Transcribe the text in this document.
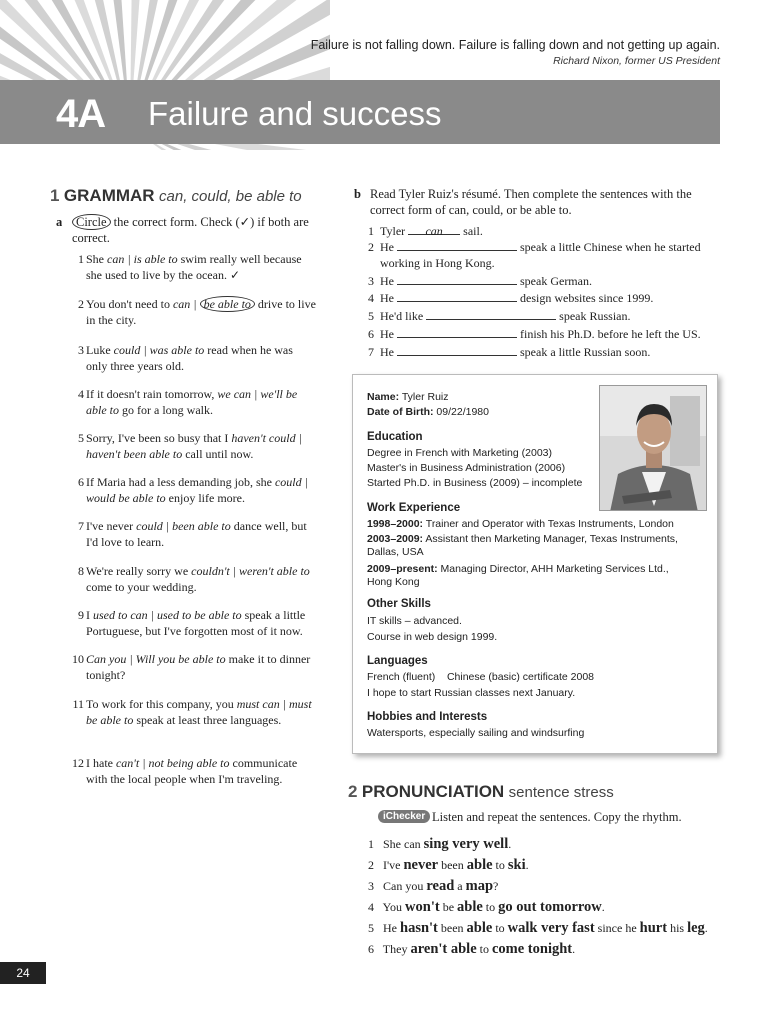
Failure is not falling down. Failure is falling down and not getting up again.
Richard Nixon, former US President
4A Failure and success
1 GRAMMAR can, could, be able to
a	Circle the correct form. Check (✓) if both are correct.
1 She can | is able to swim really well because she used to live by the ocean. ✓
2 You don't need to can | be able to drive to live in the city.
3 Luke could | was able to read when he was only three years old.
4 If it doesn't rain tomorrow, we can | we'll be able to go for a long walk.
5 Sorry, I've been so busy that I haven't could | haven't been able to call until now.
6 If Maria had a less demanding job, she could | would be able to enjoy life more.
7 I've never could | been able to dance well, but I'd love to learn.
8 We're really sorry we couldn't | weren't able to come to your wedding.
9 I used to can | used to be able to speak a little Portuguese, but I've forgotten most of it now.
10 Can you | Will you be able to make it to dinner tonight?
11 To work for this company, you must can | must be able to speak at least three languages.
12 I hate can't | not being able to communicate with the local people when I'm traveling.
b Read Tyler Ruiz's résumé. Then complete the sentences with the correct form of can, could, or be able to.
1 Tyler can sail.
2 He	speak a little Chinese when he started working in Hong Kong.
3 He	speak German.
4 He	design websites since 1999.
5 He'd like	speak Russian.
6 He	finish his Ph.D. before he left the US.
7 He	speak a little Russian soon.
Name: Tyler Ruiz
Date of Birth: 09/22/1980
Education
Degree in French with Marketing (2003)
Master's in Business Administration (2006)
Started Ph.D. in Business (2009) – incomplete
Work Experience
1998–2000: Trainer and Operator with Texas Instruments, London
2003–2009: Assistant then Marketing Manager, Texas Instruments,
Dallas, USA
2009–present: Managing Director, AHH Marketing Services Ltd.,
Hong Kong
Other Skills
IT skills – advanced.
Course in web design 1999.
Languages
French (fluent)    Chinese (basic) certificate 2008
I hope to start Russian classes next January.
Hobbies and Interests
Watersports, especially sailing and windsurfing
2 PRONUNCIATION sentence stress
iChecker Listen and repeat the sentences. Copy the rhythm.
1 She can sing very well.
2 I've never been able to ski.
3 Can you read a map?
4 You won't be able to go out tomorrow.
5 He hasn't been able to walk very fast since he hurt his leg.
6 They aren't able to come tonight.
24
